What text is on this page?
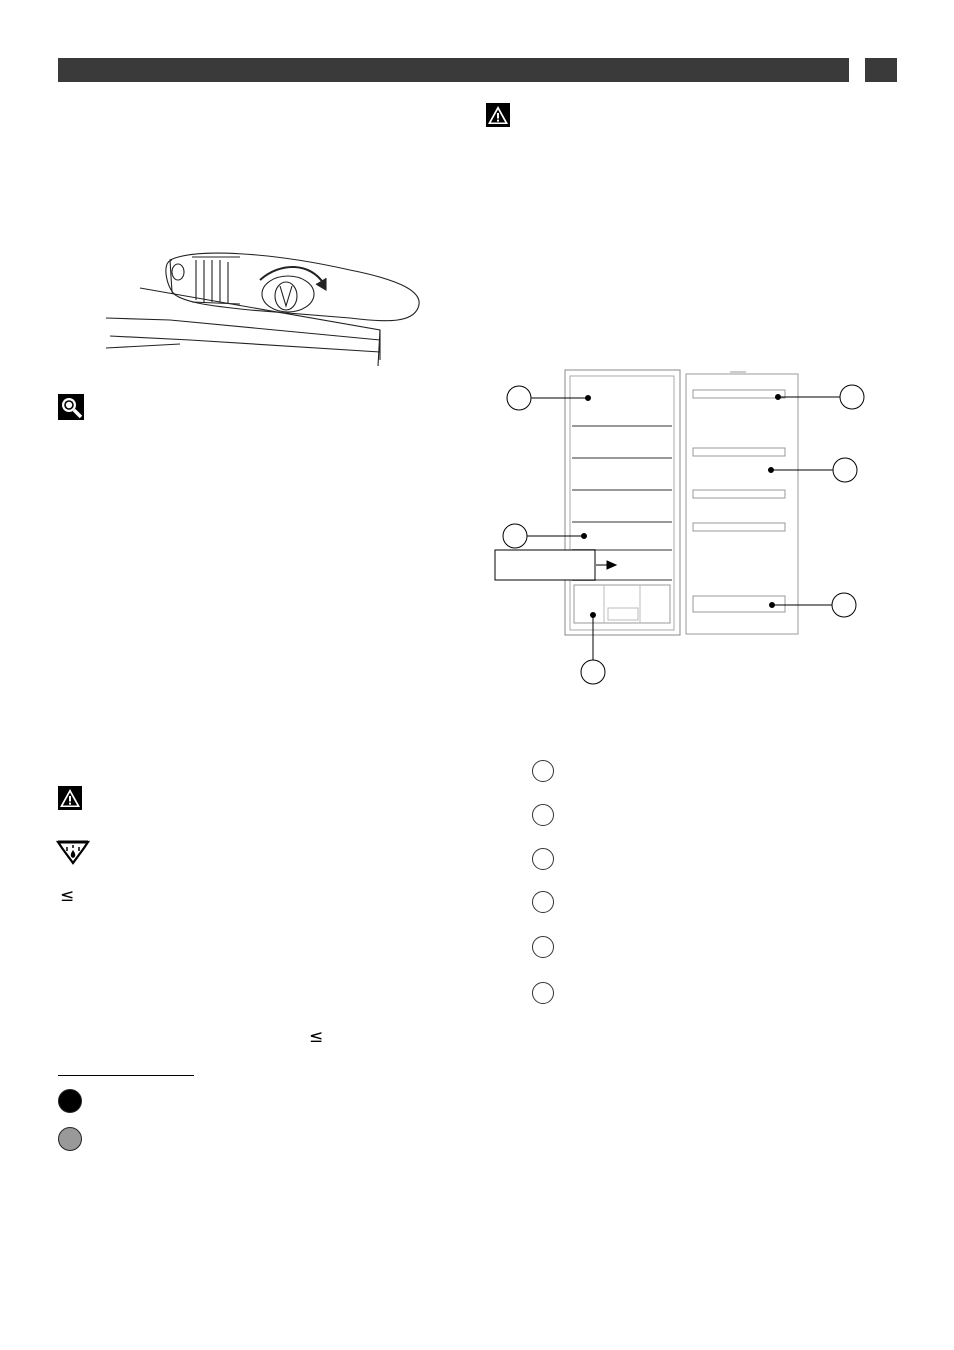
≤
≤
